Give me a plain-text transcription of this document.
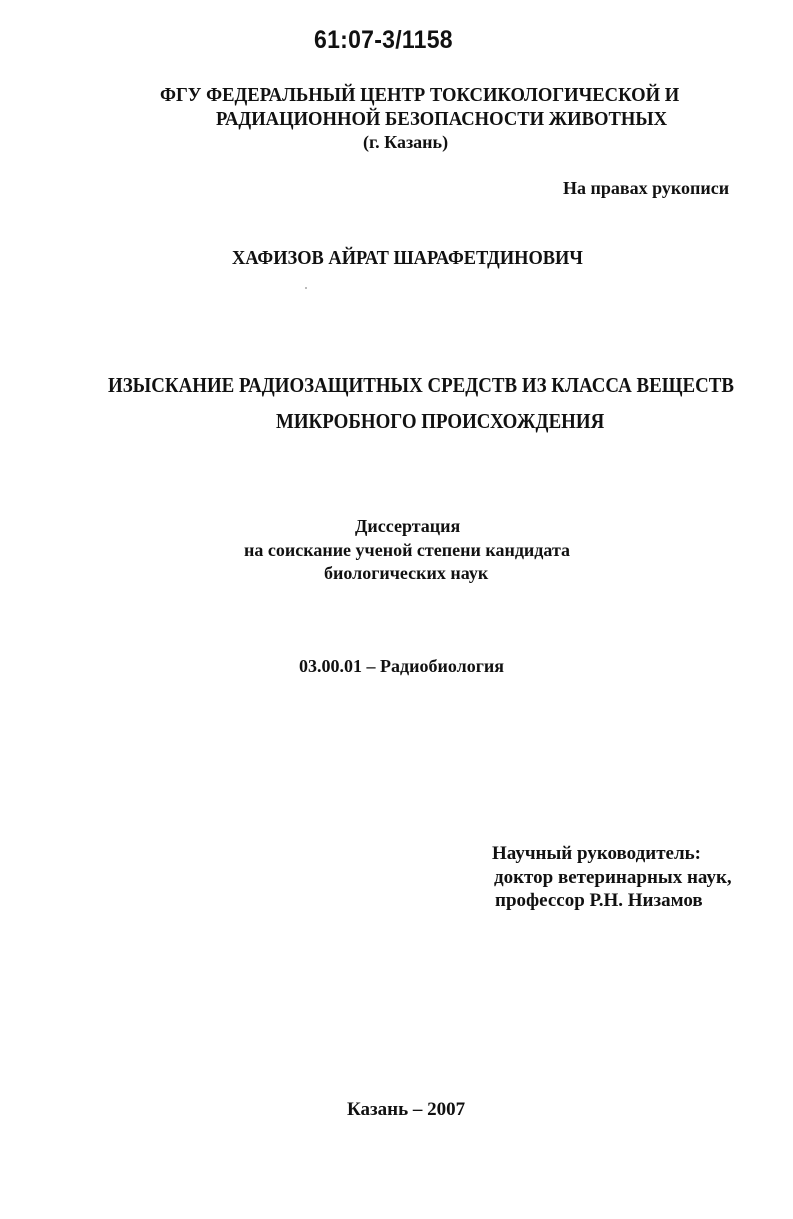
61:07-3/1158
ФГУ ФЕДЕРАЛЬНЫЙ ЦЕНТР ТОКСИКОЛОГИЧЕСКОЙ И
РАДИАЦИОННОЙ БЕЗОПАСНОСТИ ЖИВОТНЫХ
(г. Казань)
На правах рукописи
ХАФИЗОВ АЙРАТ ШАРАФЕТДИНОВИЧ
ИЗЫСКАНИЕ РАДИОЗАЩИТНЫХ СРЕДСТВ ИЗ КЛАССА ВЕЩЕСТВ
МИКРОБНОГО ПРОИСХОЖДЕНИЯ
Диссертация
на соискание ученой степени кандидата
биологических наук
03.00.01 – Радиобиология
Научный руководитель:
доктор ветеринарных наук,
профессор Р.Н. Низамов
Казань – 2007
